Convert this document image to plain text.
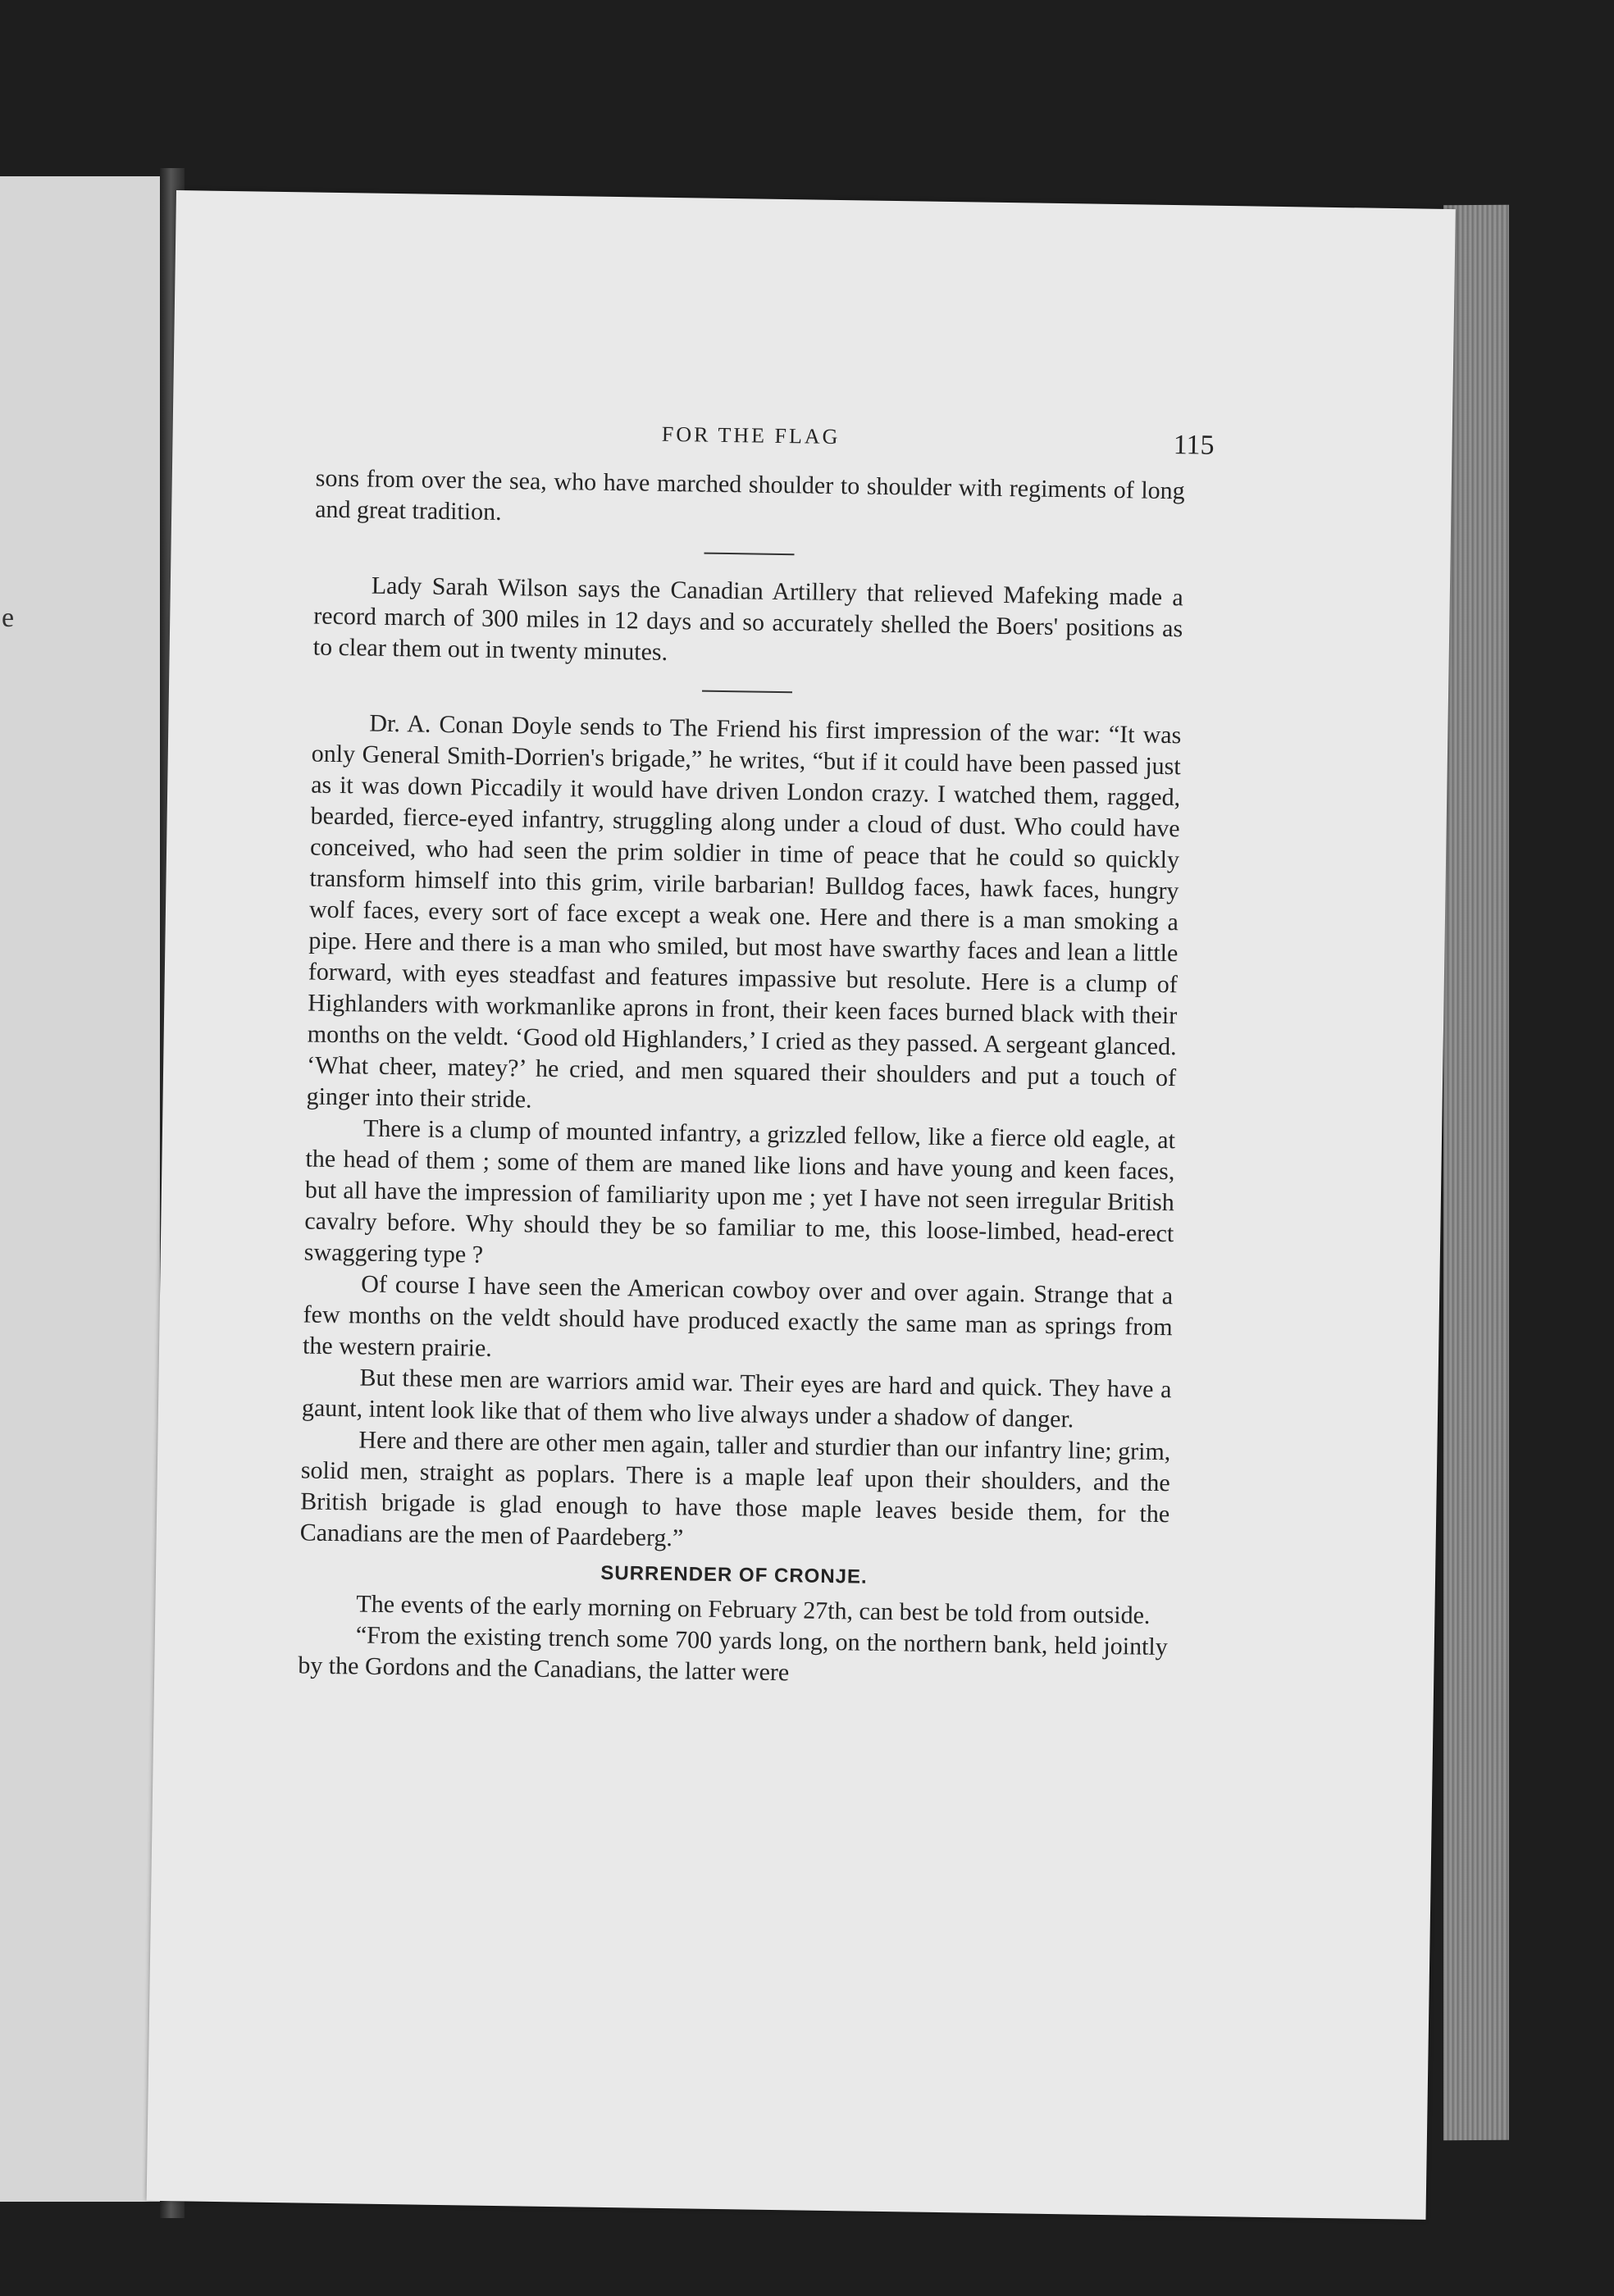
e
FOR THE FLAG	115

sons from over the sea, who have marched shoulder to shoulder with regiments of long and great tradition.

Lady Sarah Wilson says the Canadian Artillery that relieved Mafeking made a record march of 300 miles in 12 days and so accurately shelled the Boers' positions as to clear them out in twenty minutes.

Dr. A. Conan Doyle sends to The Friend his first impression of the war: “It was only General Smith-Dorrien's brigade,” he writes, “but if it could have been passed just as it was down Piccadily it would have driven London crazy. I watched them, ragged, bearded, fierce-eyed infantry, struggling along under a cloud of dust. Who could have conceived, who had seen the prim soldier in time of peace that he could so quickly transform himself into this grim, virile barbarian! Bulldog faces, hawk faces, hungry wolf faces, every sort of face except a weak one. Here and there is a man smoking a pipe. Here and there is a man who smiled, but most have swarthy faces and lean a little forward, with eyes steadfast and features impassive but resolute. Here is a clump of Highlanders with workmanlike aprons in front, their keen faces burned black with their months on the veldt. ‘Good old Highlanders,’ I cried as they passed. A sergeant glanced. ‘What cheer, matey?’ he cried, and men squared their shoulders and put a touch of ginger into their stride.

There is a clump of mounted infantry, a grizzled fellow, like a fierce old eagle, at the head of them ; some of them are maned like lions and have young and keen faces, but all have the impression of familiarity upon me ; yet I have not seen irregular British cavalry before. Why should they be so familiar to me, this loose-limbed, head-erect swaggering type ?

Of course I have seen the American cowboy over and over again. Strange that a few months on the veldt should have produced exactly the same man as springs from the western prairie.

But these men are warriors amid war. Their eyes are hard and quick. They have a gaunt, intent look like that of them who live always under a shadow of danger.

Here and there are other men again, taller and sturdier than our infantry line; grim, solid men, straight as poplars. There is a maple leaf upon their shoulders, and the British brigade is glad enough to have those maple leaves beside them, for the Canadians are the men of Paardeberg.”

SURRENDER OF CRONJE.

The events of the early morning on February 27th, can best be told from outside.

“From the existing trench some 700 yards long, on the northern bank, held jointly by the Gordons and the Canadians, the latter were
